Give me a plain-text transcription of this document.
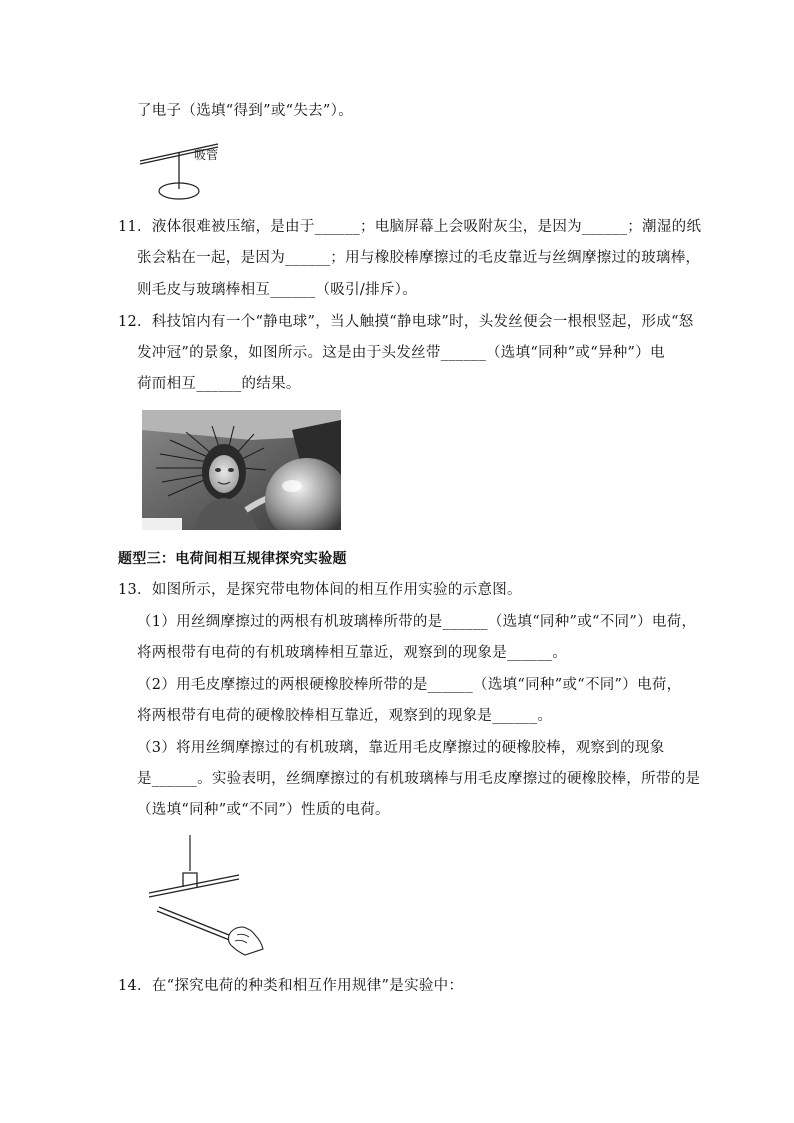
了电子（选填“得到”或“失去”）。
吸管
11．液体很难被压缩，是由于______；电脑屏幕上会吸附灰尘，是因为______；潮湿的纸
张会粘在一起，是因为______；用与橡胶棒摩擦过的毛皮靠近与丝绸摩擦过的玻璃棒，
则毛皮与玻璃棒相互______（吸引/排斥）。
12．科技馆内有一个“静电球”，当人触摸“静电球”时，头发丝便会一根根竖起，形成“怒
发冲冠”的景象，如图所示。这是由于头发丝带______（选填“同种”或“异种”）电
荷而相互______的结果。
题型三：电荷间相互规律探究实验题
13．如图所示，是探究带电物体间的相互作用实验的示意图。
（1）用丝绸摩擦过的两根有机玻璃棒所带的是______（选填“同种”或“不同”）电荷，
将两根带有电荷的有机玻璃棒相互靠近，观察到的现象是______。
（2）用毛皮摩擦过的两根硬橡胶棒所带的是______（选填“同种”或“不同”）电荷，
将两根带有电荷的硬橡胶棒相互靠近，观察到的现象是______。
（3）将用丝绸摩擦过的有机玻璃，靠近用毛皮摩擦过的硬橡胶棒，观察到的现象
是______。实验表明，丝绸摩擦过的有机玻璃棒与用毛皮摩擦过的硬橡胶棒，所带的是
（选填“同种”或“不同”）性质的电荷。
14．在“探究电荷的种类和相互作用规律”是实验中：
